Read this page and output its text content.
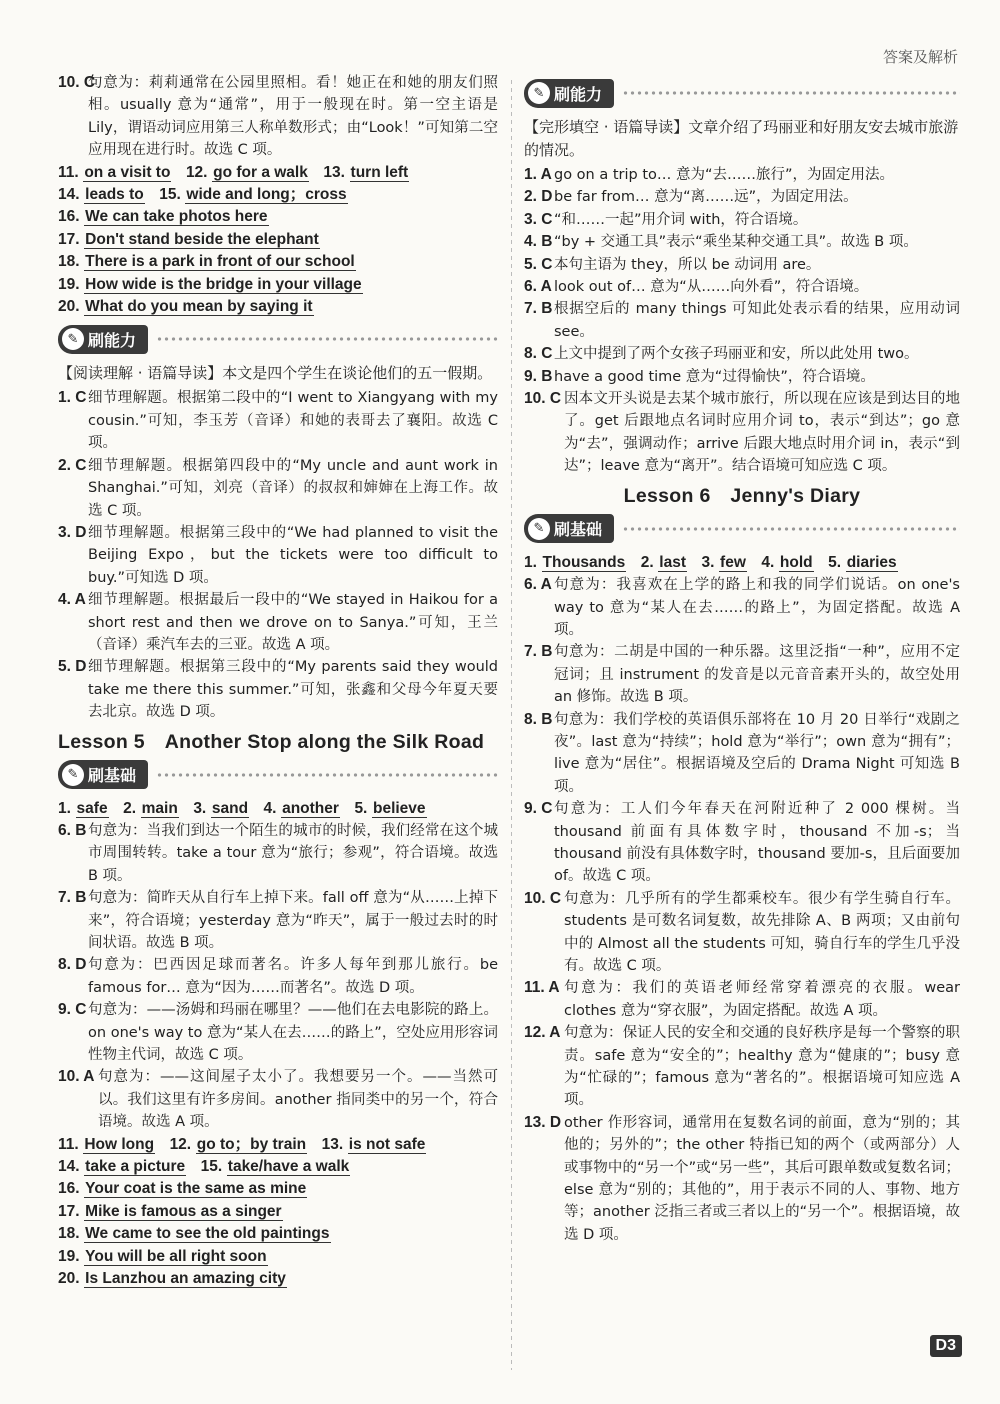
答案及解析
10. C
句意为：莉莉通常在公园里照相。看！她正在和她的朋友们照相。usually 意为“通常”，用于一般现在时。第一空主语是 Lily，谓语动词应用第三人称单数形式；由“Look！”可知第二空应用现在进行时。故选 C 项。
11. on a visit to　 12. go for a walk　 13. turn left　
14. leads to　 15. wide and long；cross　
16. We can take photos here　
17. Don't stand beside the elephant　
18. There is a park in front of our school　
19. How wide is the bridge in your village　
20. What do you mean by saying it　
✎ 刷能力

【阅读理解 · 语篇导读】本文是四个学生在谈论他们的五一假期。

1. C 细节理解题。根据第二段中的“I went to Xiangyang with my cousin.”可知，李玉芳（音译）和她的表哥去了襄阳。故选 C 项。
2. C 细节理解题。根据第四段中的“My uncle and aunt work in Shanghai.”可知，刘亮（音译）的叔叔和婶婶在上海工作。故选 C 项。
3. D 细节理解题。根据第三段中的“We had planned to visit the Beijing Expo，but the tickets were too difficult to buy.”可知选 D 项。
4. A 细节理解题。根据最后一段中的“We stayed in Haikou for a short rest and then we drove on to Sanya.”可知，王兰（音译）乘汽车去的三亚。故选 A 项。
5. D 细节理解题。根据第三段中的“My parents said they would take me there this summer.”可知，张鑫和父母今年夏天要去北京。故选 D 项。
Lesson 5　Another Stop along the Silk Road
✎ 刷基础
1. safe　 2. main　 3. sand　 4. another　 5. believe　
6. B 句意为：当我们到达一个陌生的城市的时候，我们经常在这个城市周围转转。take a tour 意为“旅行；参观”，符合语境。故选 B 项。
7. B 句意为：简昨天从自行车上掉下来。fall off 意为“从……上掉下来”，符合语境；yesterday 意为“昨天”，属于一般过去时的时间状语。故选 B 项。
8. D 句意为：巴西因足球而著名。许多人每年到那儿旅行。be famous for… 意为“因为……而著名”。故选 D 项。
9. C 句意为：——汤姆和玛丽在哪里？——他们在去电影院的路上。on one's way to 意为“某人在去……的路上”，空处应用形容词性物主代词，故选 C 项。
10. A 句意为：——这间屋子太小了。我想要另一个。——当然可以。我们这里有许多房间。another 指同类中的另一个，符合语境。故选 A 项。
11. How long　 12. go to；by train　 13. is not safe　
14. take a picture　 15. take/have a walk　
16. Your coat is the same as mine　
17. Mike is famous as a singer　
18. We came to see the old paintings　
19. You will be all right soon　
20. Is Lanzhou an amazing city　
✎ 刷能力

【完形填空 · 语篇导读】文章介绍了玛丽亚和好朋友安去城市旅游的情况。

1. A go on a trip to… 意为“去……旅行”，为固定用法。
2. D be far from… 意为“离……远”，为固定用法。
3. C “和……一起”用介词 with，符合语境。
4. B “by + 交通工具”表示“乘坐某种交通工具”。故选 B 项。
5. C 本句主语为 they，所以 be 动词用 are。
6. A look out of… 意为“从……向外看”，符合语境。
7. B 根据空后的 many things 可知此处表示看的结果，应用动词 see。
8. C 上文中提到了两个女孩子玛丽亚和安，所以此处用 two。
9. B have a good time 意为“过得愉快”，符合语境。
10. C 因本文开头说是去某个城市旅行，所以现在应该是到达目的地了。get 后跟地点名词时应用介词 to，表示“到达”；go 意为“去”，强调动作；arrive 后跟大地点时用介词 in，表示“到达”；leave 意为“离开”。结合语境可知应选 C 项。
Lesson 6　Jenny's Diary
✎ 刷基础
1. Thousands　 2. last　 3. few　 4. hold　 5. diaries　
6. A 句意为：我喜欢在上学的路上和我的同学们说话。on one's way to 意为“某人在去……的路上”，为固定搭配。故选 A 项。
7. B 句意为：二胡是中国的一种乐器。这里泛指“一种”，应用不定冠词；且 instrument 的发音是以元音音素开头的，故空处用 an 修饰。故选 B 项。
8. B 句意为：我们学校的英语俱乐部将在 10 月 20 日举行“戏剧之夜”。last 意为“持续”；hold 意为“举行”；own 意为“拥有”；live 意为“居住”。根据语境及空后的 Drama Night 可知选 B 项。
9. C 句意为：工人们今年春天在河附近种了 2 000 棵树。当 thousand 前面有具体数字时，thousand 不加-s；当 thousand 前没有具体数字时，thousand 要加-s，且后面要加 of。故选 C 项。
10. C 句意为：几乎所有的学生都乘校车。很少有学生骑自行车。students 是可数名词复数，故先排除 A、B 两项；又由前句中的 Almost all the students 可知，骑自行车的学生几乎没有。故选 C 项。
11. A 句意为：我们的英语老师经常穿着漂亮的衣服。wear clothes 意为“穿衣服”，为固定搭配。故选 A 项。
12. A 句意为：保证人民的安全和交通的良好秩序是每一个警察的职责。safe 意为“安全的”；healthy 意为“健康的”；busy 意为“忙碌的”；famous 意为“著名的”。根据语境可知应选 A 项。
13. D other 作形容词，通常用在复数名词的前面，意为“别的；其他的；另外的”；the other 特指已知的两个（或两部分）人或事物中的“另一个”或“另一些”，其后可跟单数或复数名词；else 意为“别的；其他的”，用于表示不同的人、事物、地方等；another 泛指三者或三者以上的“另一个”。根据语境，故选 D 项。
D3
